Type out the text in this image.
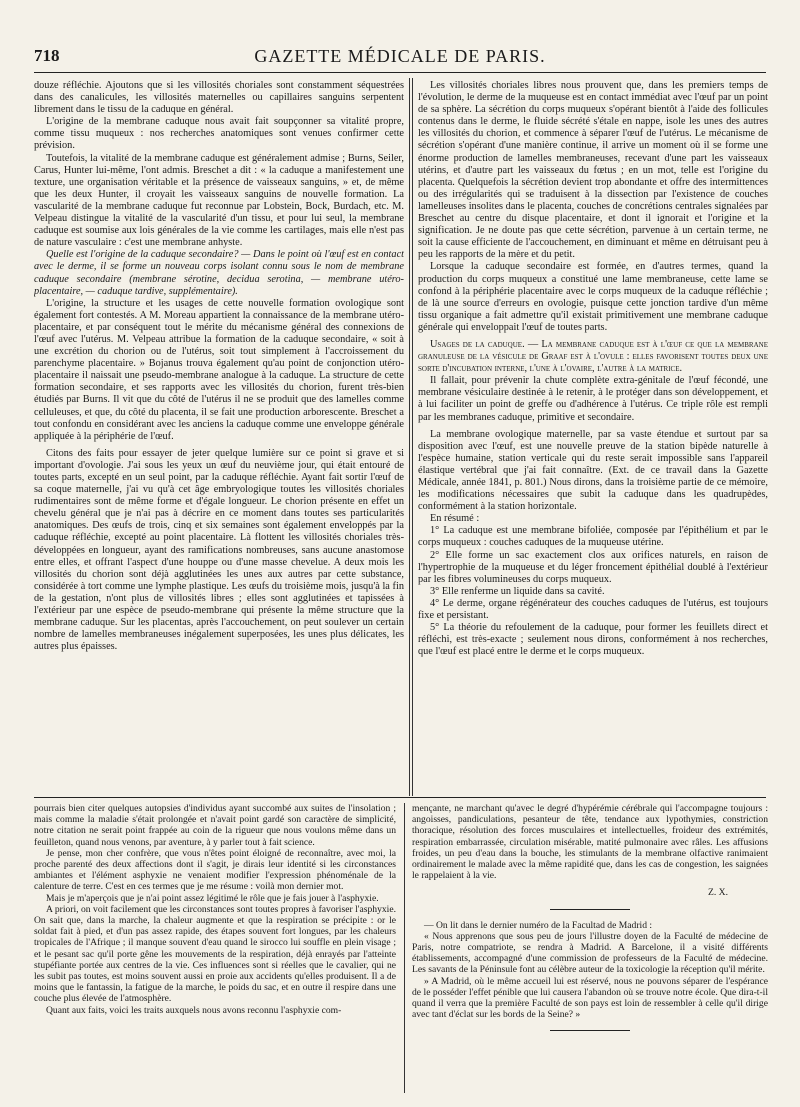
718	GAZETTE MÉDICALE DE PARIS.

douze réfléchie. Ajoutons que si les villosités choriales sont constamment séquestrées dans des canalicules, les villosités maternelles ou capillaires sanguins serpentent librement dans le tissu de la caduque en général.

L'origine de la membrane caduque nous avait fait soupçonner sa vitalité propre, comme tissu muqueux : nos recherches anatomiques sont venues confirmer cette prévision.

Toutefois, la vitalité de la membrane caduque est généralement admise ; Burns, Seiler, Carus, Hunter lui-même, l'ont admis. Breschet a dit : « la caduque a manifestement une texture, une organisation véritable et la présence de vaisseaux sanguins, » et, de même que les deux Hunter, il croyait les vaisseaux sanguins de nouvelle formation. La vascularité de la membrane caduque fut reconnue par Lobstein, Bock, Burdach, etc. M. Velpeau distingue la vitalité de la vascularité d'un tissu, et pour lui seul, la membrane caduque est soumise aux lois générales de la vie comme les cartilages, mais elle n'est pas de nature vasculaire : c'est une membrane anhyste.

Quelle est l'origine de la caduque secondaire? — Dans le point où l'œuf est en contact avec le derme, il se forme un nouveau corps isolant connu sous le nom de membrane caduque secondaire (membrane sérotine, decidua serotina, — membrane utéro-placentaire, — caduque tardive, supplémentaire).

L'origine, la structure et les usages de cette nouvelle formation ovologique sont également fort contestés. A M. Moreau appartient la connaissance de la membrane utéro-placentaire, et par conséquent tout le mérite du mécanisme général des connexions de l'œuf avec l'utérus. M. Velpeau attribue la formation de la caduque secondaire, « soit à une excrétion du chorion ou de l'utérus, soit tout simplement à l'accroissement du parenchyme placentaire. » Bojanus trouva également qu'au point de conjonction utéro-placentaire il naissait une pseudo-membrane analogue à la caduque. La structure de cette formation secondaire, et ses rapports avec les villosités du chorion, furent très-bien étudiés par Burns. Il vit que du côté de l'utérus il ne se produit que des lamelles comme celluleuses, et que, du côté du placenta, il se fait une production arborescente. Breschet a tout confondu en considérant avec les anciens la caduque comme une enveloppe générale appliquée à la périphérie de l'œuf.

Citons des faits pour essayer de jeter quelque lumière sur ce point si grave et si important d'ovologie. J'ai sous les yeux un œuf du neuvième jour, qui était entouré de toutes parts, excepté en un seul point, par la caduque réfléchie. Ayant fait sortir l'œuf de sa coque maternelle, j'ai vu qu'à cet âge embryologique toutes les villosités choriales rudimentaires sont de même forme et d'égale longueur. Le chorion présente en effet un chevelu général que je n'ai pas à décrire en ce moment dans toutes ses particularités anatomiques. Des œufs de trois, cinq et six semaines sont également enveloppés par la caduque réfléchie, excepté au point placentaire. Là flottent les villosités choriales très-développées en longueur, ayant des ramifications nombreuses, sans aucune anastomose entre elles, et offrant l'aspect d'une houppe ou d'une masse chevelue. A deux mois les villosités du chorion sont déjà agglutinées les unes aux autres par cette substance, considérée à tort comme une lymphe plastique. Les œufs du troisième mois, jusqu'à la fin de la gestation, n'ont plus de villosités libres ; elles sont agglutinées et tapissées à l'extérieur par une espèce de pseudo-membrane qui présente la même structure que la membrane caduque. Sur les placentas, après l'accouchement, on peut soulever un certain nombre de lamelles membraneuses inégalement superposées, les unes plus délicates, les autres plus épaisses.

Les villosités choriales libres nous prouvent que, dans les premiers temps de l'évolution, le derme de la muqueuse est en contact immédiat avec l'œuf par un point de sa sphère. La sécrétion du corps muqueux s'opérant bientôt à l'aide des follicules contenus dans le derme, le fluide sécrété s'étale en nappe, isole les unes des autres les villosités du chorion, et commence à séparer l'œuf de l'utérus. Le mécanisme de sécrétion s'opérant d'une manière continue, il arrive un moment où il se forme une énorme production de lamelles membraneuses, recevant d'une part les vaisseaux utérins, et d'autre part les vaisseaux du fœtus ; en un mot, telle est l'origine du placenta. Quelquefois la sécrétion devient trop abondante et offre des intermittences ou des irrégularités qui se traduisent à la dissection par l'existence de couches lamelleuses insolites dans le placenta, couches de concrétions centrales signalées par Breschet au centre du disque placentaire, et dont il ignorait et l'origine et la signification. Je ne doute pas que cette sécrétion, parvenue à un certain terme, ne soit la cause efficiente de l'accouchement, en diminuant et même en détruisant peu à peu les rapports de la mère et du petit.

Lorsque la caduque secondaire est formée, en d'autres termes, quand la production du corps muqueux a constitué une lame membraneuse, cette lame se confond à la périphérie placentaire avec le corps muqueux de la caduque réfléchie ; de là une source d'erreurs en ovologie, puisque cette jonction tardive d'un même tissu organique a fait admettre qu'il existait primitivement une membrane caduque générale qui enveloppait l'œuf de toutes parts.

Usages de la caduque. — La membrane caduque est à l'œuf ce que la membrane granuleuse de la vésicule de Graaf est à l'ovule : elles favorisent toutes deux une sorte d'incubation interne, l'une à l'ovaire, l'autre à la matrice.

Il fallait, pour prévenir la chute complète extra-génitale de l'œuf fécondé, une membrane vésiculaire destinée à le retenir, à le protéger dans son développement, et à lui faciliter un point de greffe ou d'adhérence à l'utérus. Ce triple rôle est rempli par les membranes caduque, primitive et secondaire.

La membrane ovologique maternelle, par sa vaste étendue et surtout par sa disposition avec l'œuf, est une nouvelle preuve de la station bipède naturelle à l'espèce humaine, station verticale qui du reste serait impossible sans l'appareil élastique vertébral que j'ai fait connaître. (Ext. de ce travail dans la Gazette Médicale, année 1841, p. 801.) Nous dirons, dans la troisième partie de ce mémoire, les modifications nécessaires que subit la caduque dans les quadrupèdes, conformément à la station horizontale.

En résumé :

1° La caduque est une membrane bifoliée, composée par l'épithélium et par le corps muqueux : couches caduques de la muqueuse utérine.

2° Elle forme un sac exactement clos aux orifices naturels, en raison de l'hypertrophie de la muqueuse et du léger froncement épithélial doublé à l'extérieur par les fibres volumineuses du corps muqueux.

3° Elle renferme un liquide dans sa cavité.

4° Le derme, organe régénérateur des couches caduques de l'utérus, est toujours fixe et persistant.

5° La théorie du refoulement de la caduque, pour former les feuillets direct et réfléchi, est très-exacte ; seulement nous dirons, conformément à nos recherches, que l'œuf est placé entre le derme et le corps muqueux.

pourrais bien citer quelques autopsies d'individus ayant succombé aux suites de l'insolation ; mais comme la maladie s'était prolongée et n'avait point gardé son caractère de simplicité, notre citation ne serait point frappée au coin de la rigueur que nous voulons même dans un feuilleton, quand nous venons, par aventure, à y parler tout à fait science.

Je pense, mon cher confrère, que vous n'êtes point éloigné de reconnaître, avec moi, la proche parenté des deux affections dont il s'agit, je dirais leur identité si les circonstances ambiantes et l'élément asphyxie ne venaient modifier l'expression phénoménale de la calenture de terre. C'est en ces termes que je me résume : voilà mon dernier mot.

Mais je m'aperçois que je n'ai point assez légitimé le rôle que je fais jouer à l'asphyxie.

A priori, on voit facilement que les circonstances sont toutes propres à favoriser l'asphyxie. On sait que, dans la marche, la chaleur augmente et que la respiration se précipite : or le soldat fait à pied, et d'un pas assez rapide, des étapes souvent fort longues, par les chaleurs tropicales de l'Afrique ; il manque souvent d'eau quand le sirocco lui souffle en plein visage ; et le pesant sac qu'il porte gêne les mouvements de la respiration, déjà enrayés par l'atteinte stupéfiante portée aux centres de la vie. Ces influences sont si réelles que le cavalier, qui ne les subit pas toutes, est moins souvent aussi en proie aux accidents qu'elles produisent. Il a de moins que le fantassin, la fatigue de la marche, le poids du sac, et en outre il respire dans une couche plus élevée de l'atmosphère.

Quant aux faits, voici les traits auxquels nous avons reconnu l'asphyxie com-

mençante, ne marchant qu'avec le degré d'hypérémie cérébrale qui l'accompagne toujours : angoisses, pandiculations, pesanteur de tête, tendance aux lypothymies, constriction thoracique, résolution des forces musculaires et intellectuelles, froideur des extrémités, respiration embarrassée, circulation misérable, matité pulmonaire avec râles. Les affusions froides, un peu d'eau dans la bouche, les stimulants de la membrane olfactive ranimaient ordinairement le malade avec la même rapidité que, dans les cas de congestion, les saignées le rappelaient à la vie.

Z. X.

— On lit dans le dernier numéro de la Facultad de Madrid :

« Nous apprenons que sous peu de jours l'illustre doyen de la Faculté de médecine de Paris, notre compatriote, se rendra à Madrid. A Barcelone, il a visité différents établissements, accompagné d'une commission de professeurs de la Faculté de médecine. Les savants de la Péninsule font au célèbre auteur de la toxicologie la réception qu'il mérite.

» A Madrid, où le même accueil lui est réservé, nous ne pouvons séparer de l'espérance de le posséder l'effet pénible que lui causera l'abandon où se trouve notre école. Que dira-t-il quand il verra que la première Faculté de son pays est loin de ressembler à celle qu'il dirige avec tant d'éclat sur les bords de la Seine? »
